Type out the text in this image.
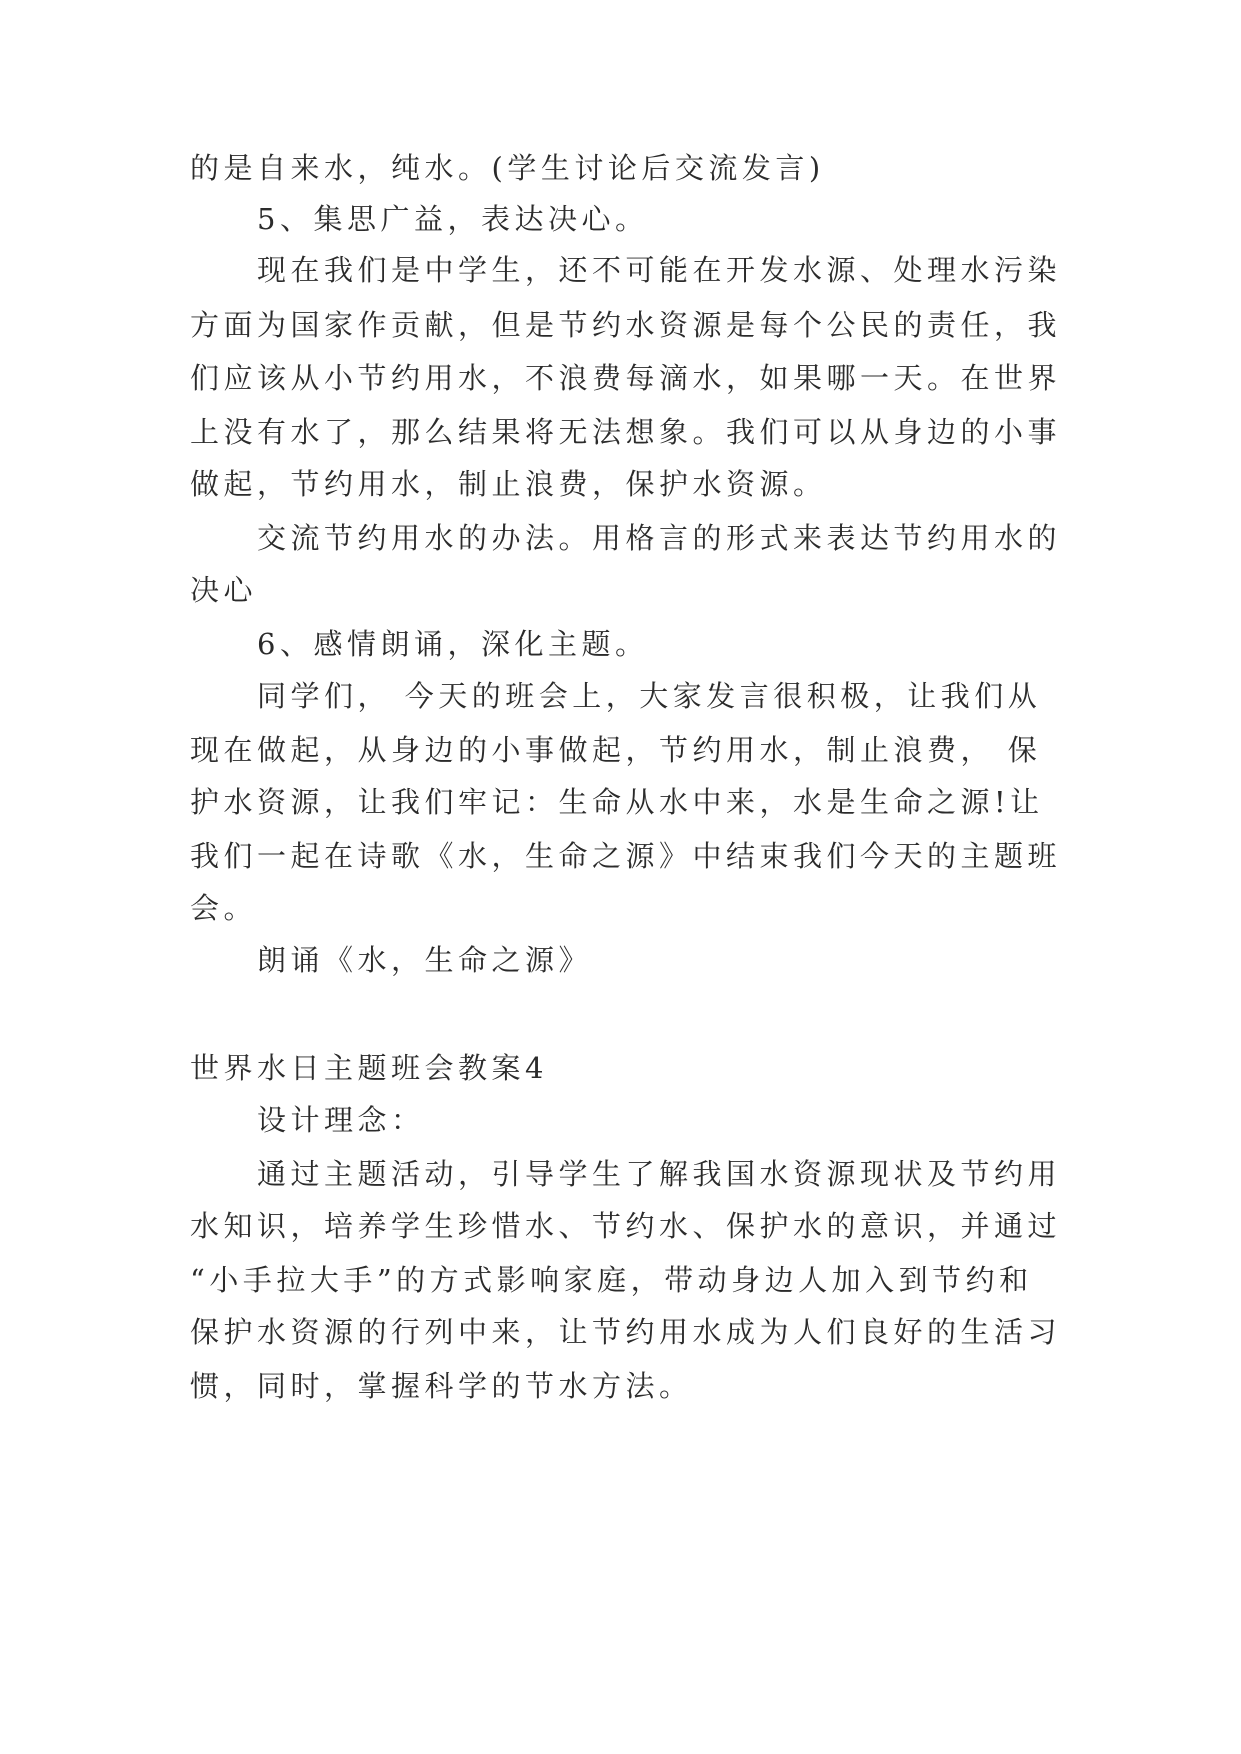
的是自来水，纯水。(学生讨论后交流发言)

5、集思广益，表达决心。

现在我们是中学生，还不可能在开发水源、处理水污染

方面为国家作贡献，但是节约水资源是每个公民的责任，我

们应该从小节约用水，不浪费每滴水，如果哪一天。在世界

上没有水了，那么结果将无法想象。我们可以从身边的小事

做起，节约用水，制止浪费，保护水资源。

交流节约用水的办法。用格言的形式来表达节约用水的

决心

6、感情朗诵，深化主题。

同学们， 今天的班会上，大家发言很积极，让我们从

现在做起，从身边的小事做起，节约用水，制止浪费， 保

护水资源，让我们牢记：生命从水中来，水是生命之源!让

我们一起在诗歌《水，生命之源》中结束我们今天的主题班

会。

朗诵《水，生命之源》

世界水日主题班会教案4

设计理念：

通过主题活动，引导学生了解我国水资源现状及节约用

水知识，培养学生珍惜水、节约水、保护水的意识，并通过

“小手拉大手”的方式影响家庭，带动身边人加入到节约和

保护水资源的行列中来，让节约用水成为人们良好的生活习

惯，同时，掌握科学的节水方法。
